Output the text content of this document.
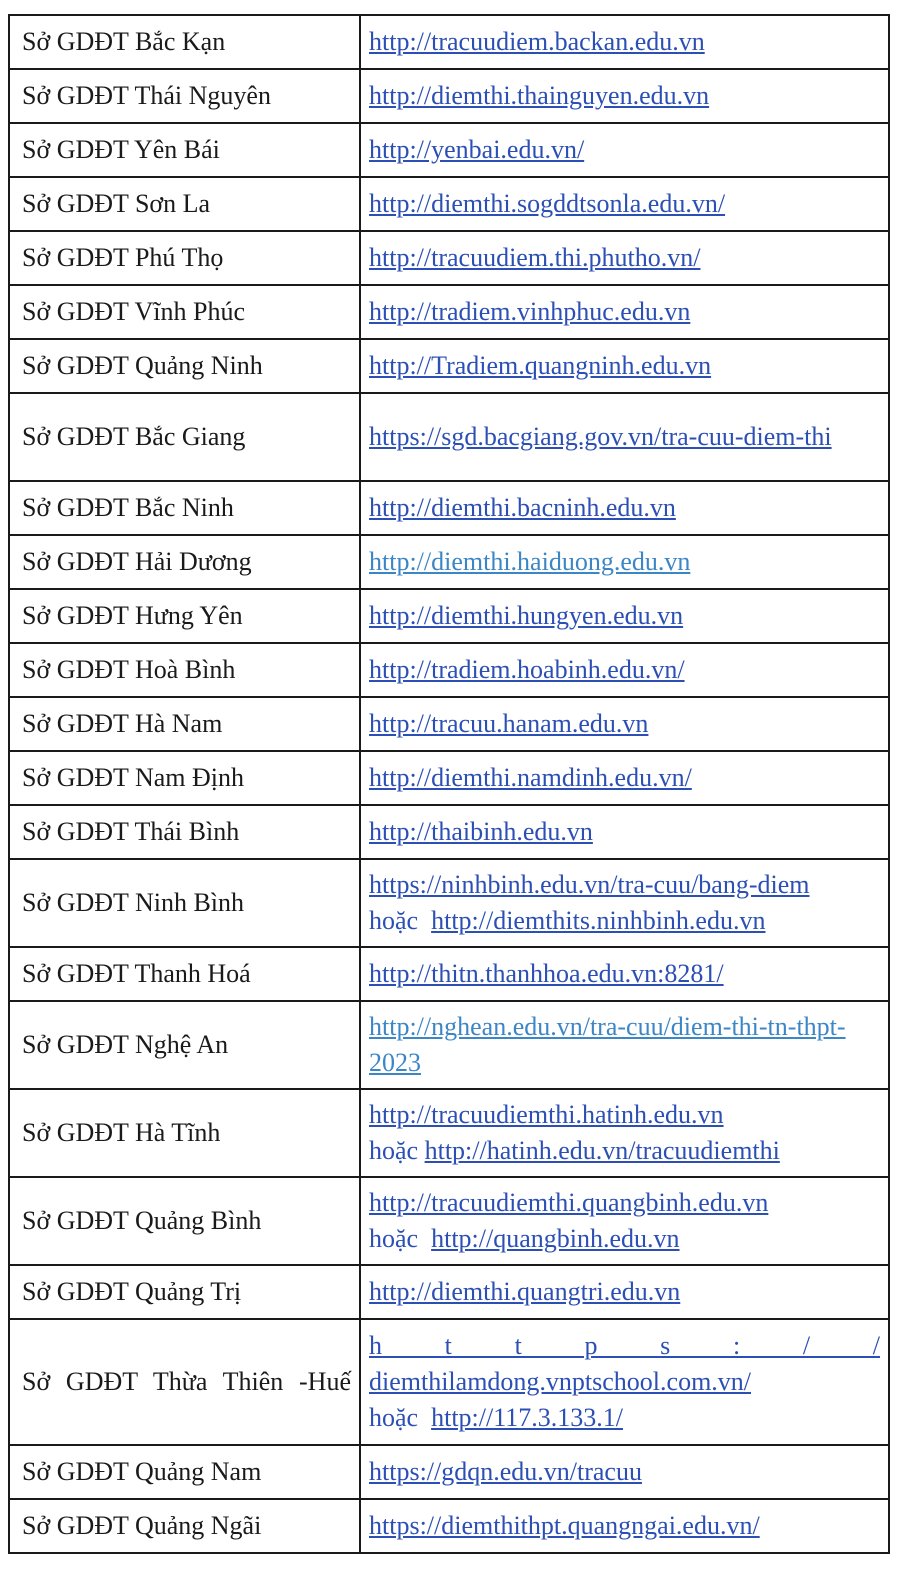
Sở GDĐT Bắc Kạn	http://tracuudiem.backan.edu.vn
Sở GDĐT Thái Nguyên	http://diemthi.thainguyen.edu.vn
Sở GDĐT Yên Bái	http://yenbai.edu.vn/
Sở GDĐT Sơn La	http://diemthi.sogddtsonla.edu.vn/
Sở GDĐT Phú Thọ	http://tracuudiem.thi.phutho.vn/
Sở GDĐT Vĩnh Phúc	http://tradiem.vinhphuc.edu.vn
Sở GDĐT Quảng Ninh	http://Tradiem.quangninh.edu.vn
Sở GDĐT Bắc Giang	https://sgd.bacgiang.gov.vn/tra-cuu-diem-thi
Sở GDĐT Bắc Ninh	http://diemthi.bacninh.edu.vn
Sở GDĐT Hải Dương	http://diemthi.haiduong.edu.vn
Sở GDĐT Hưng Yên	http://diemthi.hungyen.edu.vn
Sở GDĐT Hoà Bình	http://tradiem.hoabinh.edu.vn/
Sở GDĐT Hà Nam	http://tracuu.hanam.edu.vn
Sở GDĐT Nam Định	http://diemthi.namdinh.edu.vn/
Sở GDĐT Thái Bình	http://thaibinh.edu.vn
Sở GDĐT Ninh Bình	https://ninhbinh.edu.vn/tra-cuu/bang-diem
hoặc http://diemthits.ninhbinh.edu.vn
Sở GDĐT Thanh Hoá	http://thitn.thanhhoa.edu.vn:8281/
Sở GDĐT Nghệ An	http://nghean.edu.vn/tra-cuu/diem-thi-tn-thpt-2023
Sở GDĐT Hà Tĩnh	http://tracuudiemthi.hatinh.edu.vn
hoặc http://hatinh.edu.vn/tracuudiemthi
Sở GDĐT Quảng Bình	http://tracuudiemthi.quangbinh.edu.vn
hoặc http://quangbinh.edu.vn
Sở GDĐT Quảng Trị	http://diemthi.quangtri.edu.vn
Sở GDĐT Thừa Thiên -Huế	h t t p s : / /
diemthilamdong.vnptschool.com.vn/
hoặc http://117.3.133.1/
Sở GDĐT Quảng Nam	https://gdqn.edu.vn/tracuu
Sở GDĐT Quảng Ngãi	https://diemthithpt.quangngai.edu.vn/
